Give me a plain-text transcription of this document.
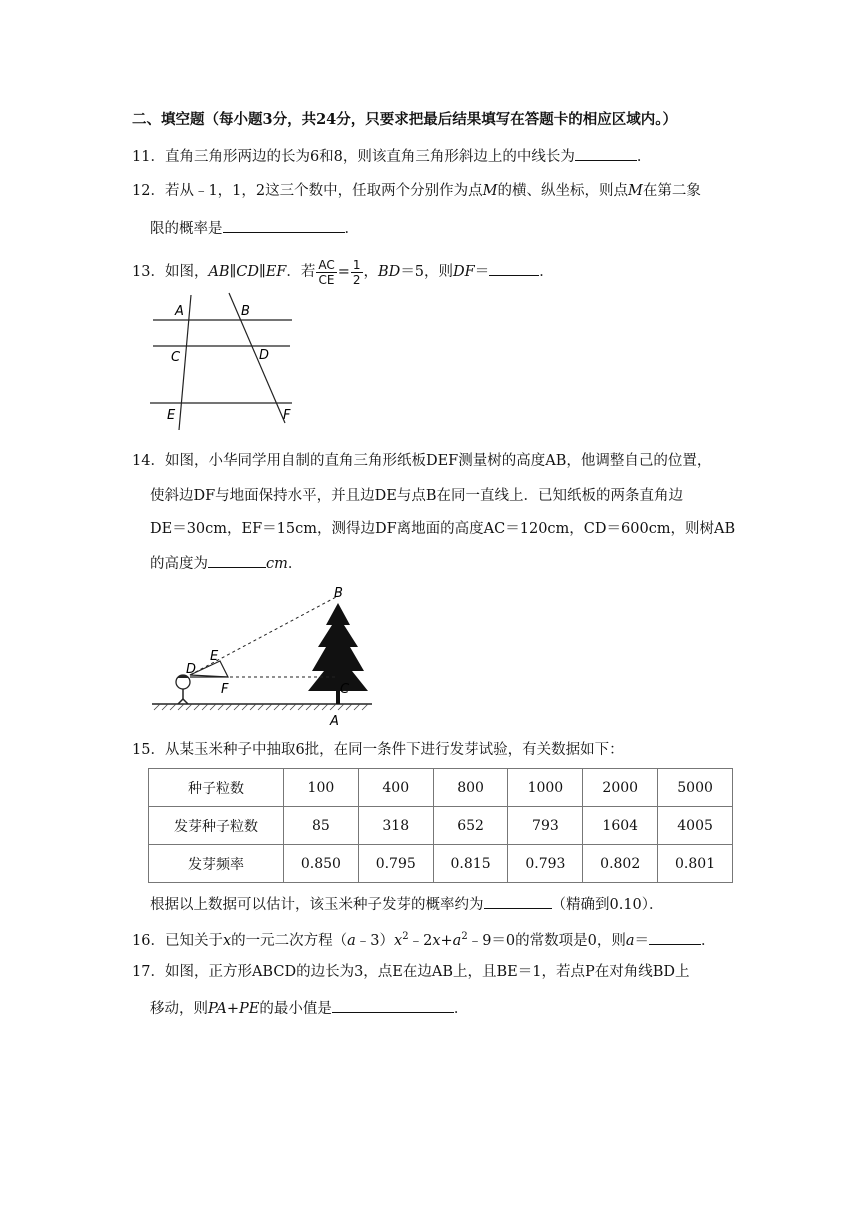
二、填空题（每小题3分，共24分，只要求把最后结果填写在答题卡的相应区域内。）
11．直角三角形两边的长为6和8，则该直角三角形斜边上的中线长为	．
12．若从﹣1，1，2这三个数中，任取两个分别作为点M的横、纵坐标，则点M在第二象
限的概率是	．
13．如图，AB∥CD∥EF．若 $\frac{AC}{CE} = \frac{1}{2}$ ，BD＝5，则DF＝	．
A	B
C	D
E	F
14．如图，小华同学用自制的直角三角形纸板DEF测量树的高度AB，他调整自己的位置，
使斜边DF与地面保持水平，并且边DE与点B在同一直线上．已知纸板的两条直角边
DE＝30cm，EF＝15cm，测得边DF离地面的高度AC＝120cm，CD＝600cm，则树AB
的高度为	cm．
B
E
D
F	C
A
15．从某玉米种子中抽取6批，在同一条件下进行发芽试验，有关数据如下：
种子粒数	100	400	800	1000	2000	5000
发芽种子粒数	85	318	652	793	1604	4005
发芽频率	0.850	0.795	0.815	0.793	0.802	0.801
根据以上数据可以估计，该玉米种子发芽的概率约为	（精确到0.10）．
16．已知关于x的一元二次方程$(a﹣3)x^2﹣2x+a^2﹣9=0$的常数项是0，则a＝	．
17．如图，正方形ABCD的边长为3，点E在边AB上，且BE＝1，若点P在对角线BD上
移动，则PA+PE的最小值是	．
